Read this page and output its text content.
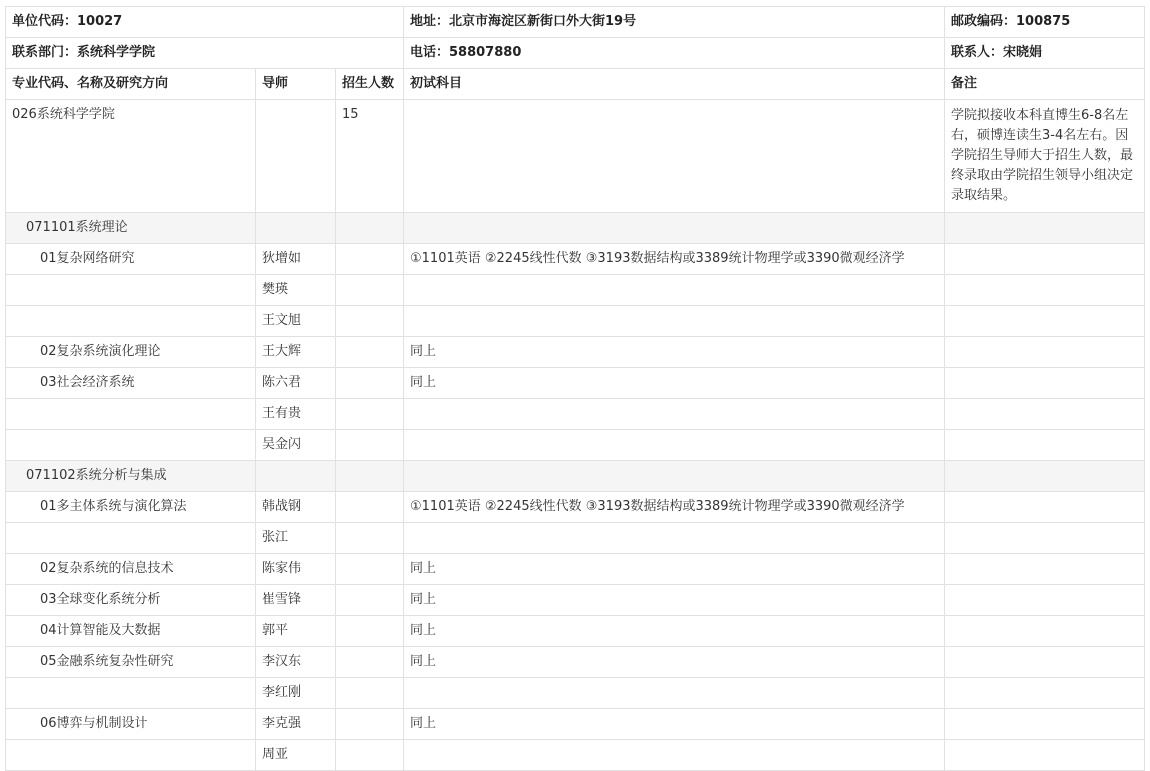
单位代码：10027			地址：北京市海淀区新街口外大街19号	邮政编码：100875
联系部门：系统科学学院			电话：58807880	联系人：宋晓娟
专业代码、名称及研究方向	导师	招生人数	初试科目	备注
026系统科学学院		15		学院拟接收本科直博生6-8名左右，硕博连读生3-4名左右。因学院招生导师大于招生人数，最终录取由学院招生领导小组决定录取结果。
071101系统理论				
01复杂网络研究	狄增如		①1101英语 ②2245线性代数 ③3193数据结构或3389统计物理学或3390微观经济学	
	樊瑛			
	王文旭			
02复杂系统演化理论	王大辉		同上	
03社会经济系统	陈六君		同上	
	王有贵			
	吴金闪			
071102系统分析与集成				
01多主体系统与演化算法	韩战钢		①1101英语 ②2245线性代数 ③3193数据结构或3389统计物理学或3390微观经济学	
	张江			
02复杂系统的信息技术	陈家伟		同上	
03全球变化系统分析	崔雪锋		同上	
04计算智能及大数据	郭平		同上	
05金融系统复杂性研究	李汉东		同上	
	李红刚			
06博弈与机制设计	李克强		同上	
	周亚			
